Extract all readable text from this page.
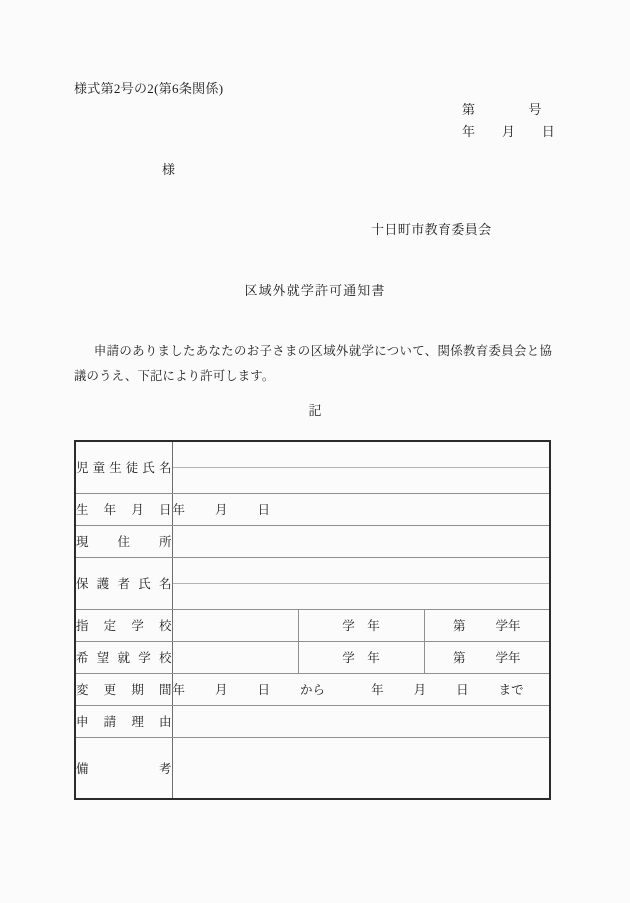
様式第2号の2(第6条関係)
第　　　　号
年　　月　　日
様
十日町市教育委員会
区域外就学許可通知書
申請のありましたあなたのお子さまの区域外就学について、関係教育委員会と協議のうえ、下記により許可します。
記
児童生徒氏名			

生年月日	年 月 日		

現住所			

保護者氏名			

指定学校		学　年	第 学年

希望就学校		学　年	第 学年

変更期間	年 月 日 から 年 月 日 まで		

申請理由			

備考			
